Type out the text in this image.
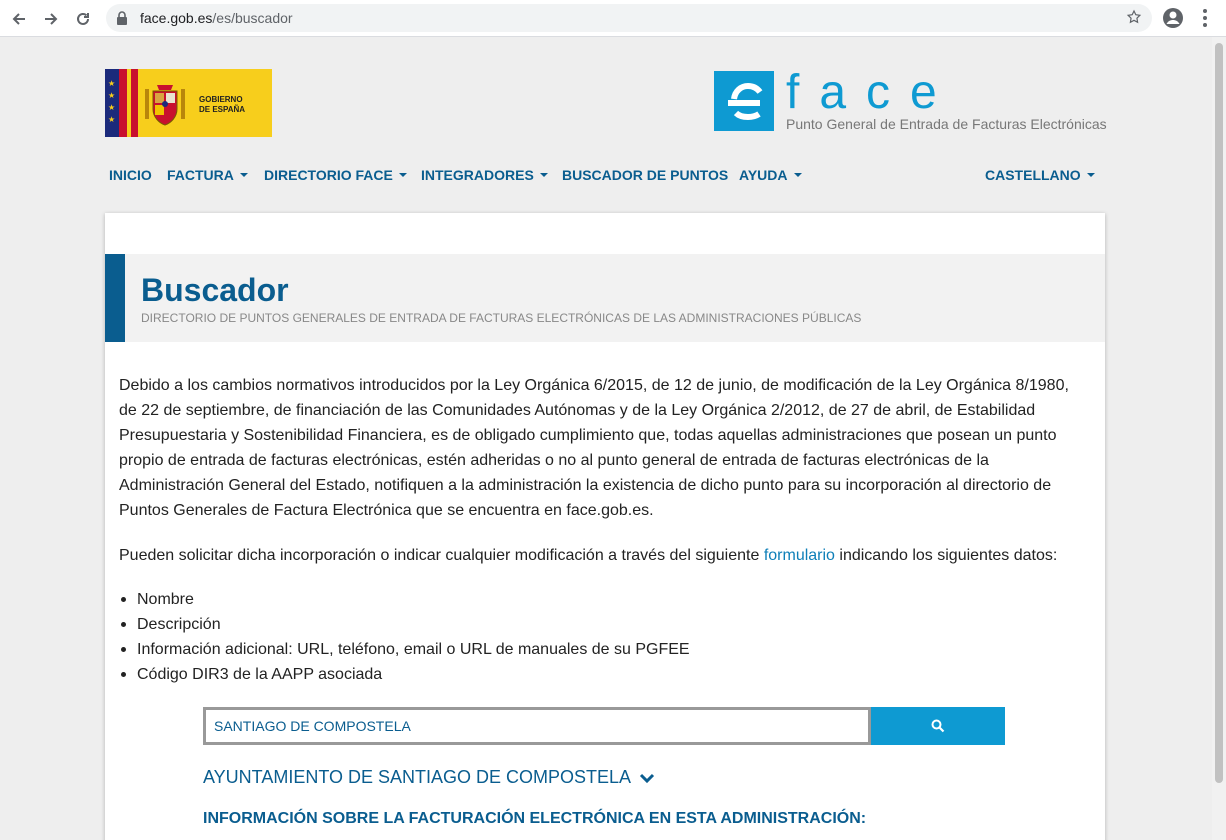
face.gob.es/es/buscador
★
★
★
★
GOBIERNO
DE ESPAÑA	face
Punto General de Entrada de Facturas Electrónicas
INICIO FACTURA	DIRECTORIO FACE	INTEGRADORES	BUSCADOR DE PUNTOS AYUDA	CASTELLANO
Buscador
DIRECTORIO DE PUNTOS GENERALES DE ENTRADA DE FACTURAS ELECTRÓNICAS DE LAS ADMINISTRACIONES PÚBLICAS

Debido a los cambios normativos introducidos por la Ley Orgánica 6/2015, de 12 de junio, de modificación de la Ley Orgánica 8/1980, de 22 de septiembre, de financiación de las Comunidades Autónomas y de la Ley Orgánica 2/2012, de 27 de abril, de Estabilidad Presupuestaria y Sostenibilidad Financiera, es de obligado cumplimiento que, todas aquellas administraciones que posean un punto propio de entrada de facturas electrónicas, estén adheridas o no al punto general de entrada de facturas electrónicas de la Administración General del Estado, notifiquen a la administración la existencia de dicho punto para su incorporación al directorio de Puntos Generales de Factura Electrónica que se encuentra en face.gob.es.

Pueden solicitar dicha incorporación o indicar cualquier modificación a través del siguiente formulario indicando los siguientes datos:

Nombre
Descripción
Información adicional: URL, teléfono, email o URL de manuales de su PGFEE
Código DIR3 de la AAPP asociada
SANTIAGO DE COMPOSTELA
AYUNTAMIENTO DE SANTIAGO DE COMPOSTELA
INFORMACIÓN SOBRE LA FACTURACIÓN ELECTRÓNICA EN ESTA ADMINISTRACIÓN:
